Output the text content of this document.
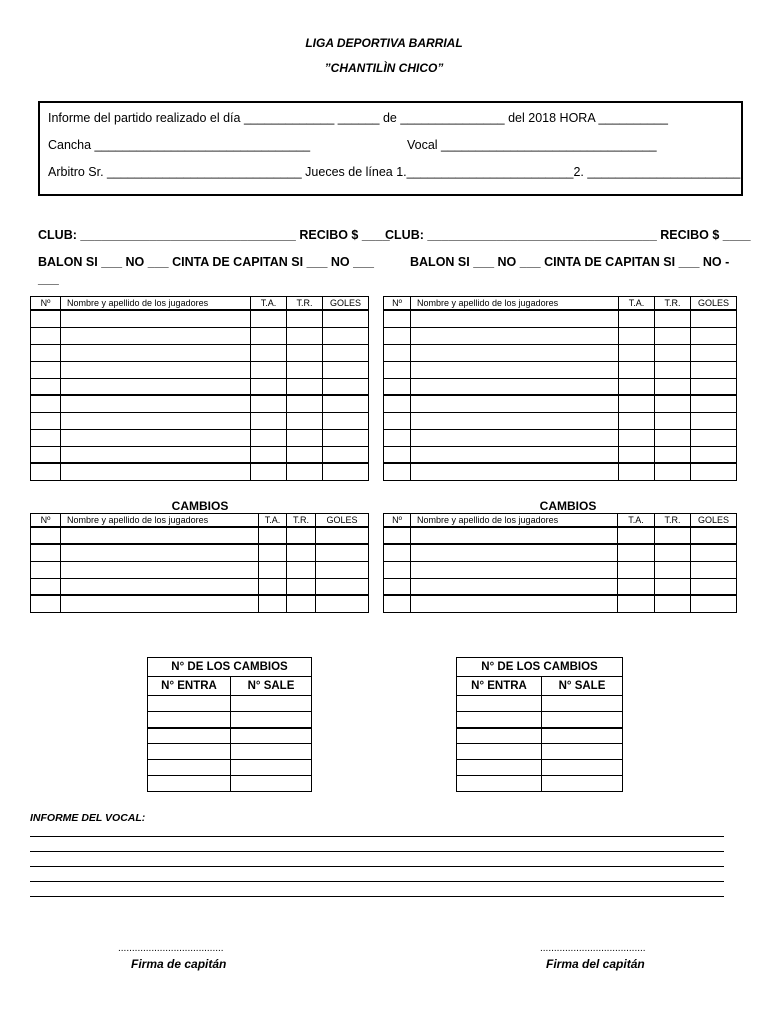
LIGA DEPORTIVA BARRIAL
”CHANTILÌN CHICO”
Informe del partido realizado el día _____________ ______ de _______________ del 2018 HORA __________
Cancha _______________________________	Vocal _______________________________
Arbitro Sr. ____________________________ Jueces de línea 1.________________________2. ______________________
CLUB: _______________________________ RECIBO $ ____
CLUB: _________________________________ RECIBO $ ____
BALON SI ___ NO ___ CINTA DE CAPITAN SI ___ NO ___	BALON SI ___ NO ___ CINTA DE CAPITAN SI ___ NO -
___
Nº	Nombre y apellido de los jugadores	T.A.	T.R.	GOLES

					Nº	Nombre y apellido de los jugadores	T.A.	T.R.	GOLES

CAMBIOS	CAMBIOS
Nº	Nombre y apellido de los jugadores	T.A.	T.R.	GOLES

					Nº	Nombre y apellido de los jugadores	T.A.	T.R.	GOLES

N° DE LOS CAMBIOS	
N° ENTRA	N° SALE

N° DE LOS CAMBIOS	
N° ENTRA	N° SALE

INFORME DEL VOCAL:
......................................
Firma de capitán
......................................
Firma del capitán
